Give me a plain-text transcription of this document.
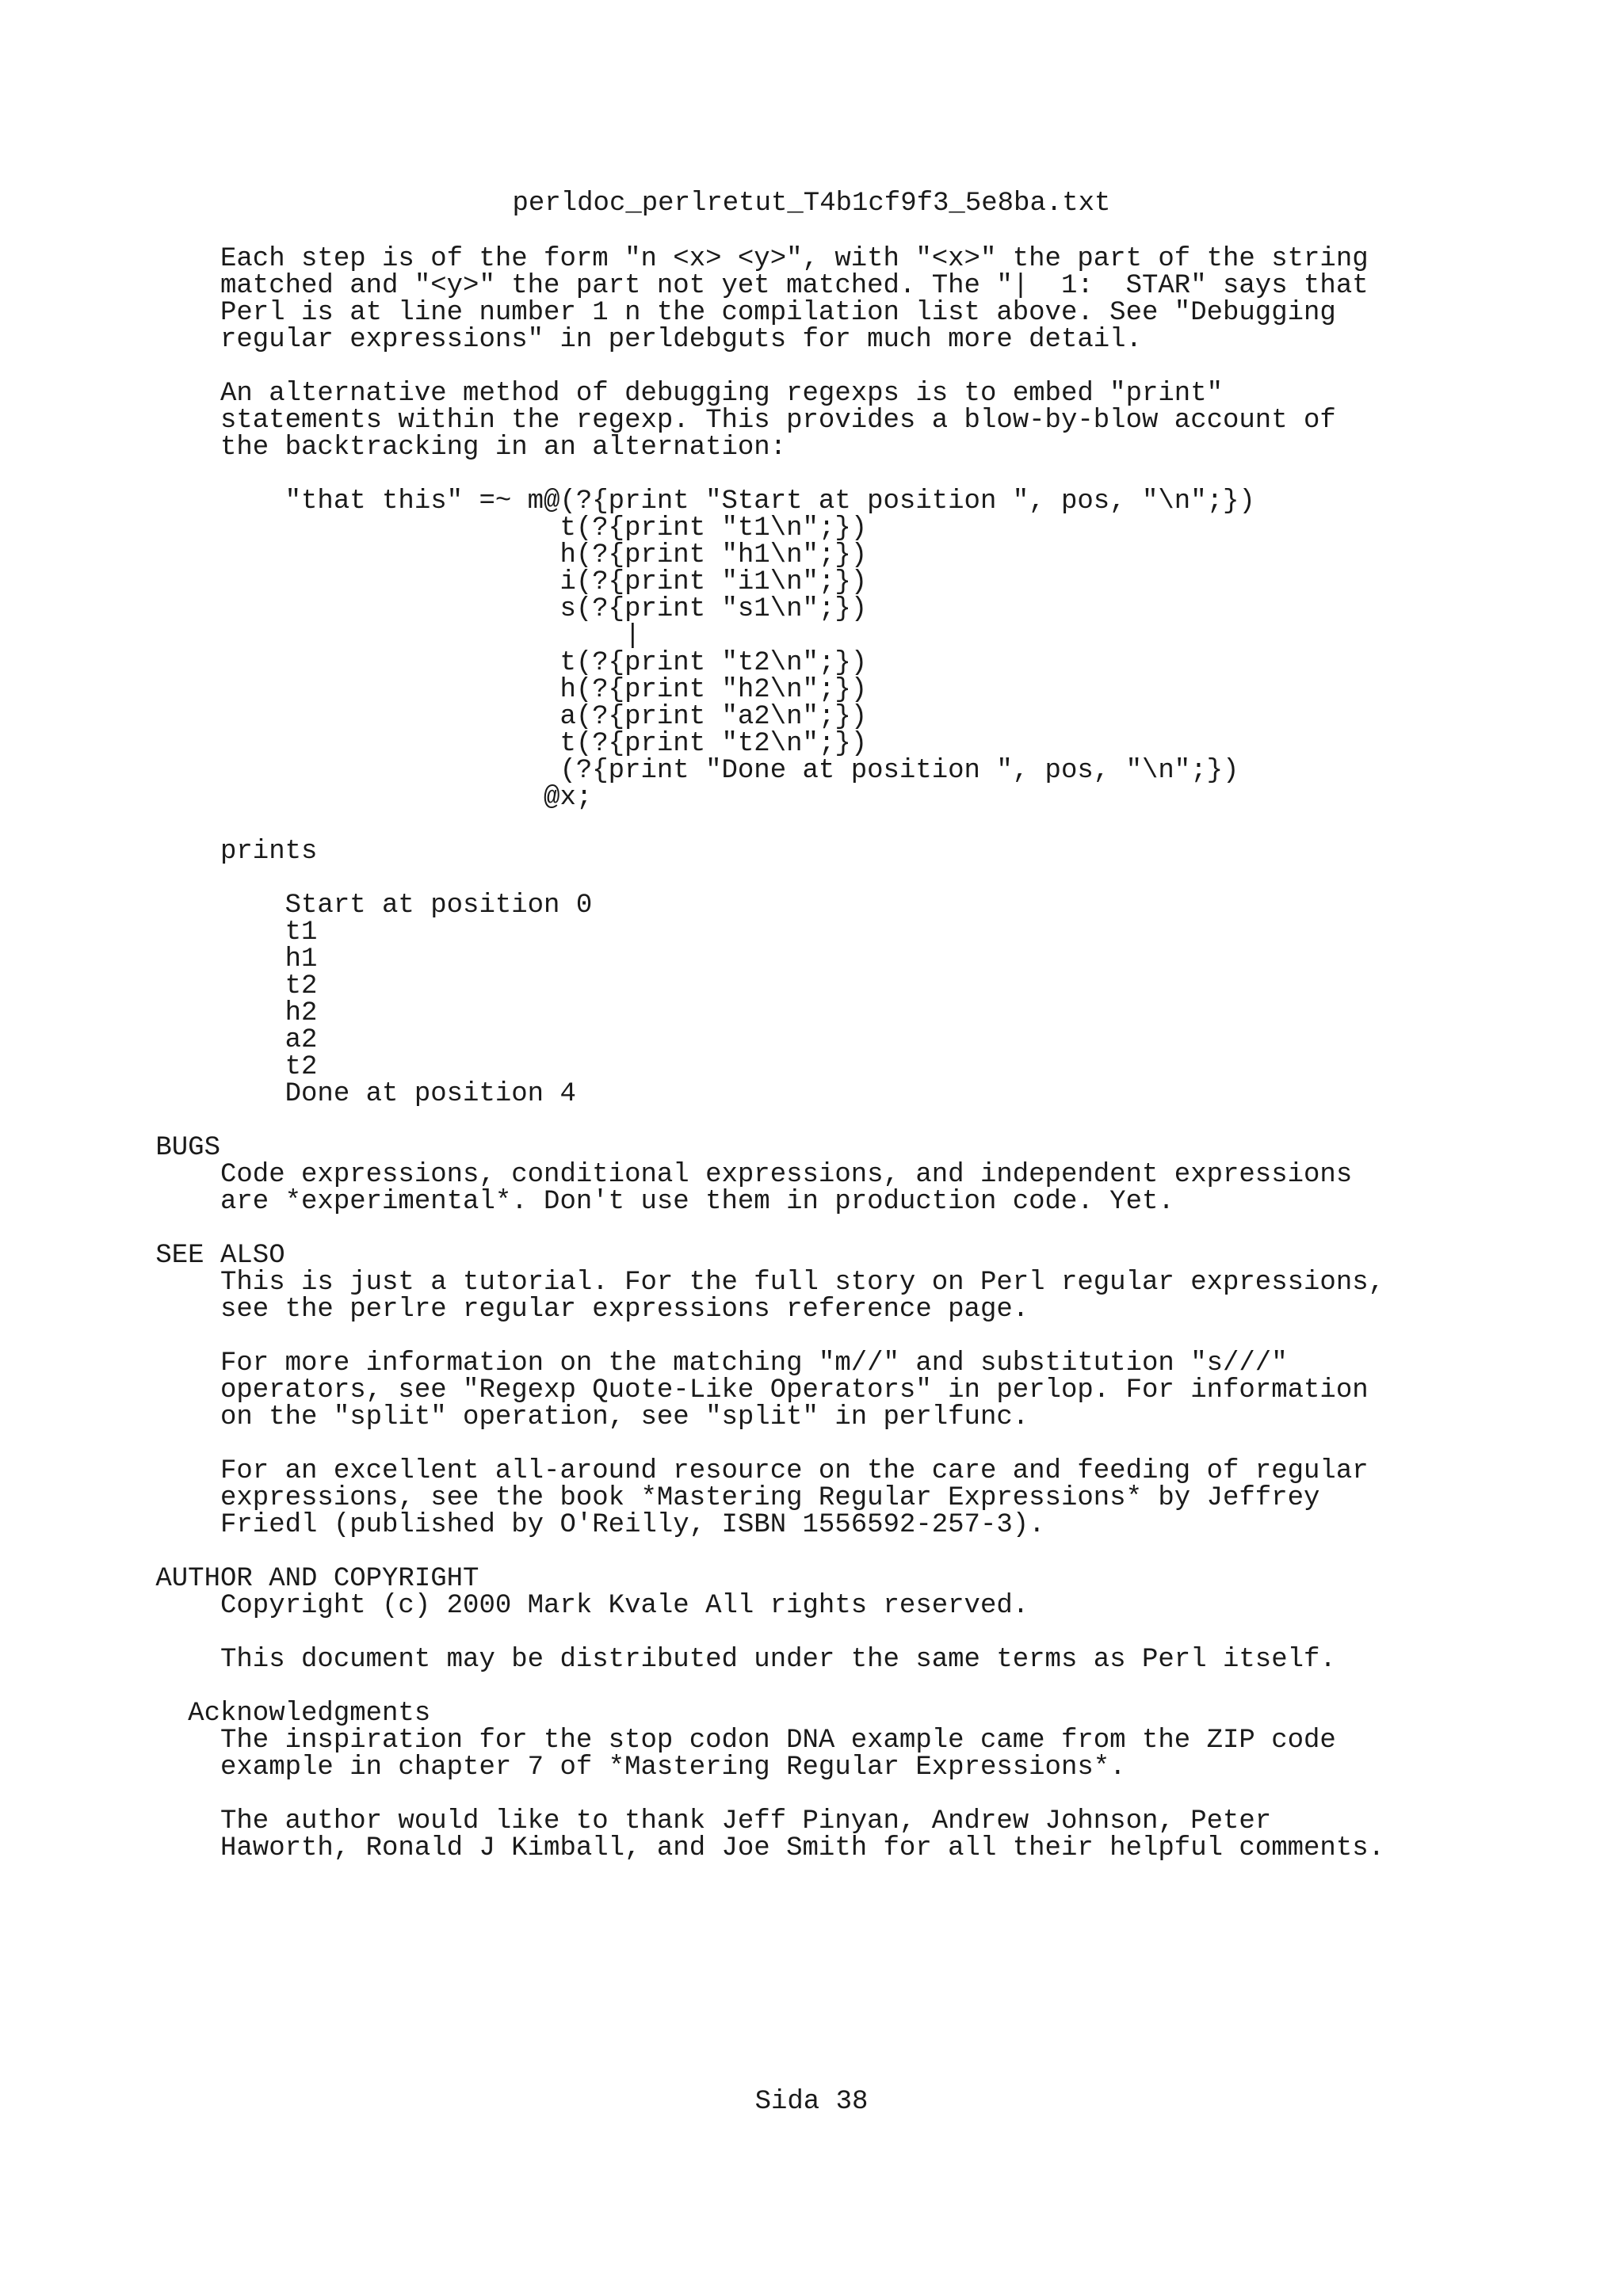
perldoc_perlretut_T4b1cf9f3_5e8ba.txt
Each step is of the form "n <x> <y>", with "<x>" the part of the string
matched and "<y>" the part not yet matched. The "|  1:  STAR" says that
Perl is at line number 1 n the compilation list above. See "Debugging
regular expressions" in perldebguts for much more detail.
An alternative method of debugging regexps is to embed "print"
statements within the regexp. This provides a blow-by-blow account of
the backtracking in an alternation:
"that this" =~ m@(?{print "Start at position ", pos, "\n";})
t(?{print "t1\n";})
h(?{print "h1\n";})
i(?{print "i1\n";})
s(?{print "s1\n";})
|
t(?{print "t2\n";})
h(?{print "h2\n";})
a(?{print "a2\n";})
t(?{print "t2\n";})
(?{print "Done at position ", pos, "\n";})
@x;
prints
Start at position 0
t1
h1
t2
h2
a2
t2
Done at position 4
BUGS
Code expressions, conditional expressions, and independent expressions
are *experimental*. Don't use them in production code. Yet.
SEE ALSO
This is just a tutorial. For the full story on Perl regular expressions,
see the perlre regular expressions reference page.
For more information on the matching "m//" and substitution "s///"
operators, see "Regexp Quote-Like Operators" in perlop. For information
on the "split" operation, see "split" in perlfunc.
For an excellent all-around resource on the care and feeding of regular
expressions, see the book *Mastering Regular Expressions* by Jeffrey
Friedl (published by O'Reilly, ISBN 1556592-257-3).
AUTHOR AND COPYRIGHT
Copyright (c) 2000 Mark Kvale All rights reserved.
This document may be distributed under the same terms as Perl itself.
Acknowledgments
The inspiration for the stop codon DNA example came from the ZIP code
example in chapter 7 of *Mastering Regular Expressions*.
The author would like to thank Jeff Pinyan, Andrew Johnson, Peter
Haworth, Ronald J Kimball, and Joe Smith for all their helpful comments.
Sida 38
